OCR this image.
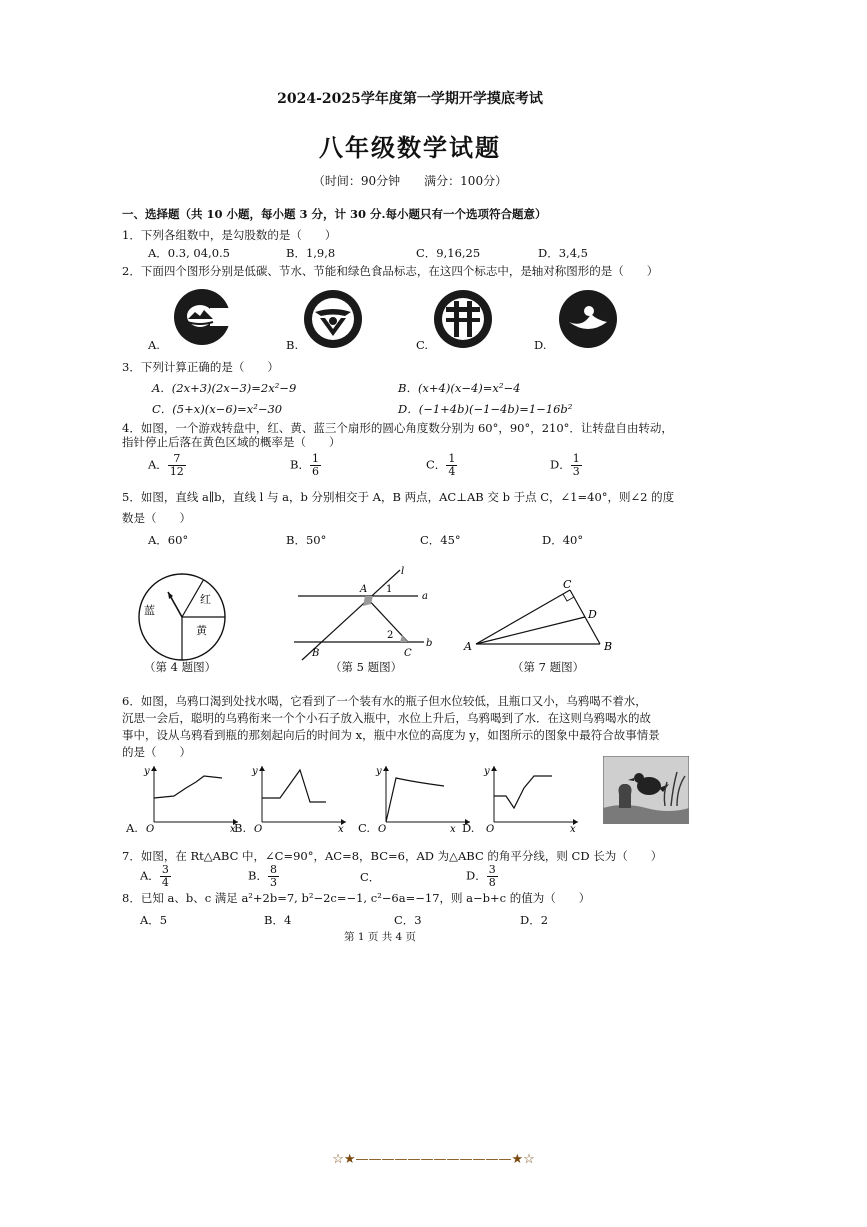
2024-2025学年度第一学期开学摸底考试
八年级数学试题
（时间：90分钟　　满分：100分）
一、选择题（共 10 小题，每小题 3 分，计 30 分.每小题只有一个选项符合题意）
1．下列各组数中，是勾股数的是（　　）
A．0.3, 04,0.5	B．1,9,8	C．9,16,25	D．3,4,5
2．下面四个图形分别是低碳、节水、节能和绿色食品标志，在这四个标志中，是轴对称图形的是（　　）
A.	B.	C.	D.
3．下列计算正确的是（　　）
A．(2x+3)(2x−3)=2x²−9	B．(x+4)(x−4)=x²−4
C．(5+x)(x−6)=x²−30	D．(−1+4b)(−1−4b)=1−16b²
4．如图，一个游戏转盘中，红、黄、蓝三个扇形的圆心角度数分别为 60°，90°，210°．让转盘自由转动，
指针停止后落在黄色区域的概率是（　　）
A． $\frac{7}{12}$	B． $\frac{1}{6}$	C． $\frac{1}{4}$	D． $\frac{1}{3}$
5．如图，直线 a∥b，直线 l 与 a，b 分别相交于 A，B 两点，AC⊥AB 交 b 于点 C，∠1=40°，则∠2 的度
数是（　　）
A．60°	B．50°	C．45°	D．40°
蓝
红
黄
（第 4 题图）
A 1
l
a
2
b
B	C
（第 5 题图）
C
D
A	B
（第 7 题图）
6．如图，乌鸦口渴到处找水喝，它看到了一个装有水的瓶子但水位较低，且瓶口又小，乌鸦喝不着水，
沉思一会后，聪明的乌鸦衔来一个个小石子放入瓶中，水位上升后，乌鸦喝到了水．在这则乌鸦喝水的故
事中，设从乌鸦看到瓶的那刻起向后的时间为 x，瓶中水位的高度为 y，如图所示的图象中最符合故事情景
的是（　　）
y
x
O
y
x
O
y
x
O
y
x
O
A.	B.	C.	D.
7．如图，在 Rt△ABC 中，∠C=90°，AC=8，BC=6，AD 为△ABC 的角平分线，则 CD 长为（　　）
A． $\frac{3}{4}$	B． $\frac{8}{3}$	C．	D． $\frac{3}{8}$
8．已知 a、b、c 满足 a²+2b=7, b²−2c=−1, c²−6a=−17，则 a−b+c 的值为（　　）
A．5	B．4	C．3	D．2
第 1 页 共 4 页
☆★————————————★☆
